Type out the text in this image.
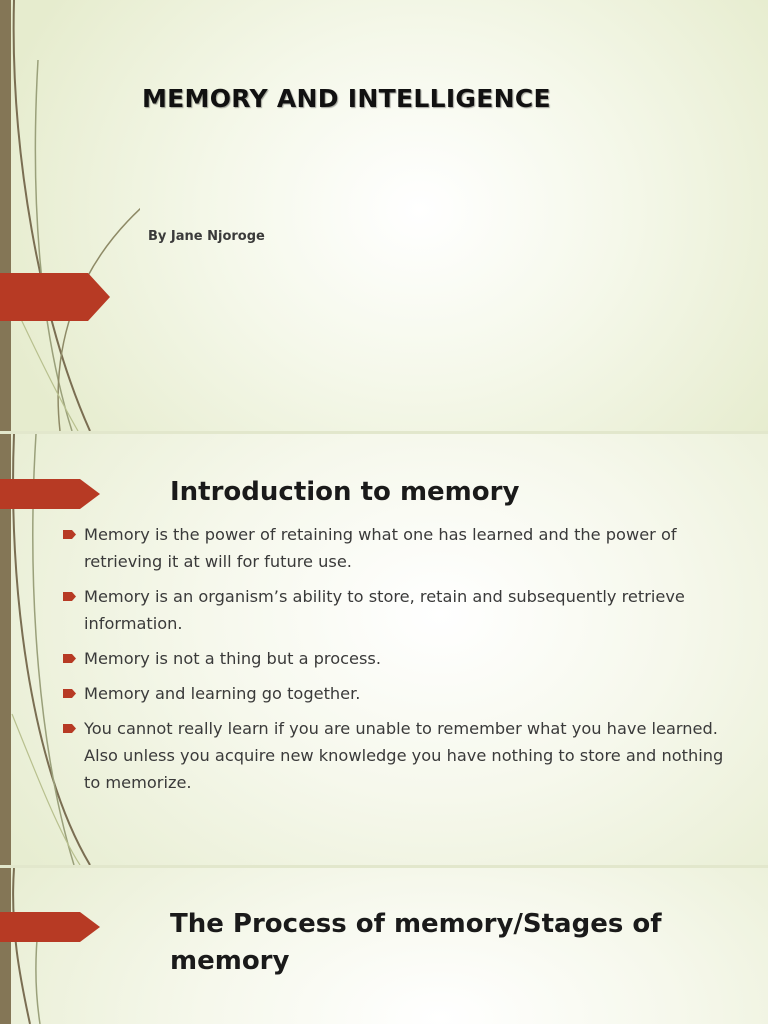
MEMORY AND INTELLIGENCE

By Jane Njoroge

Introduction to memory
Memory is the power of retaining what one has learned and the power of retrieving it at will for future use.
Memory is an organism’s ability to store, retain and subsequently retrieve information.
Memory is not a thing but a process.
Memory and learning go together.
You cannot really learn if you are unable to remember what you have learned. Also unless you acquire new knowledge you have nothing to store and nothing to memorize.
The Process of memory/Stages of memory
